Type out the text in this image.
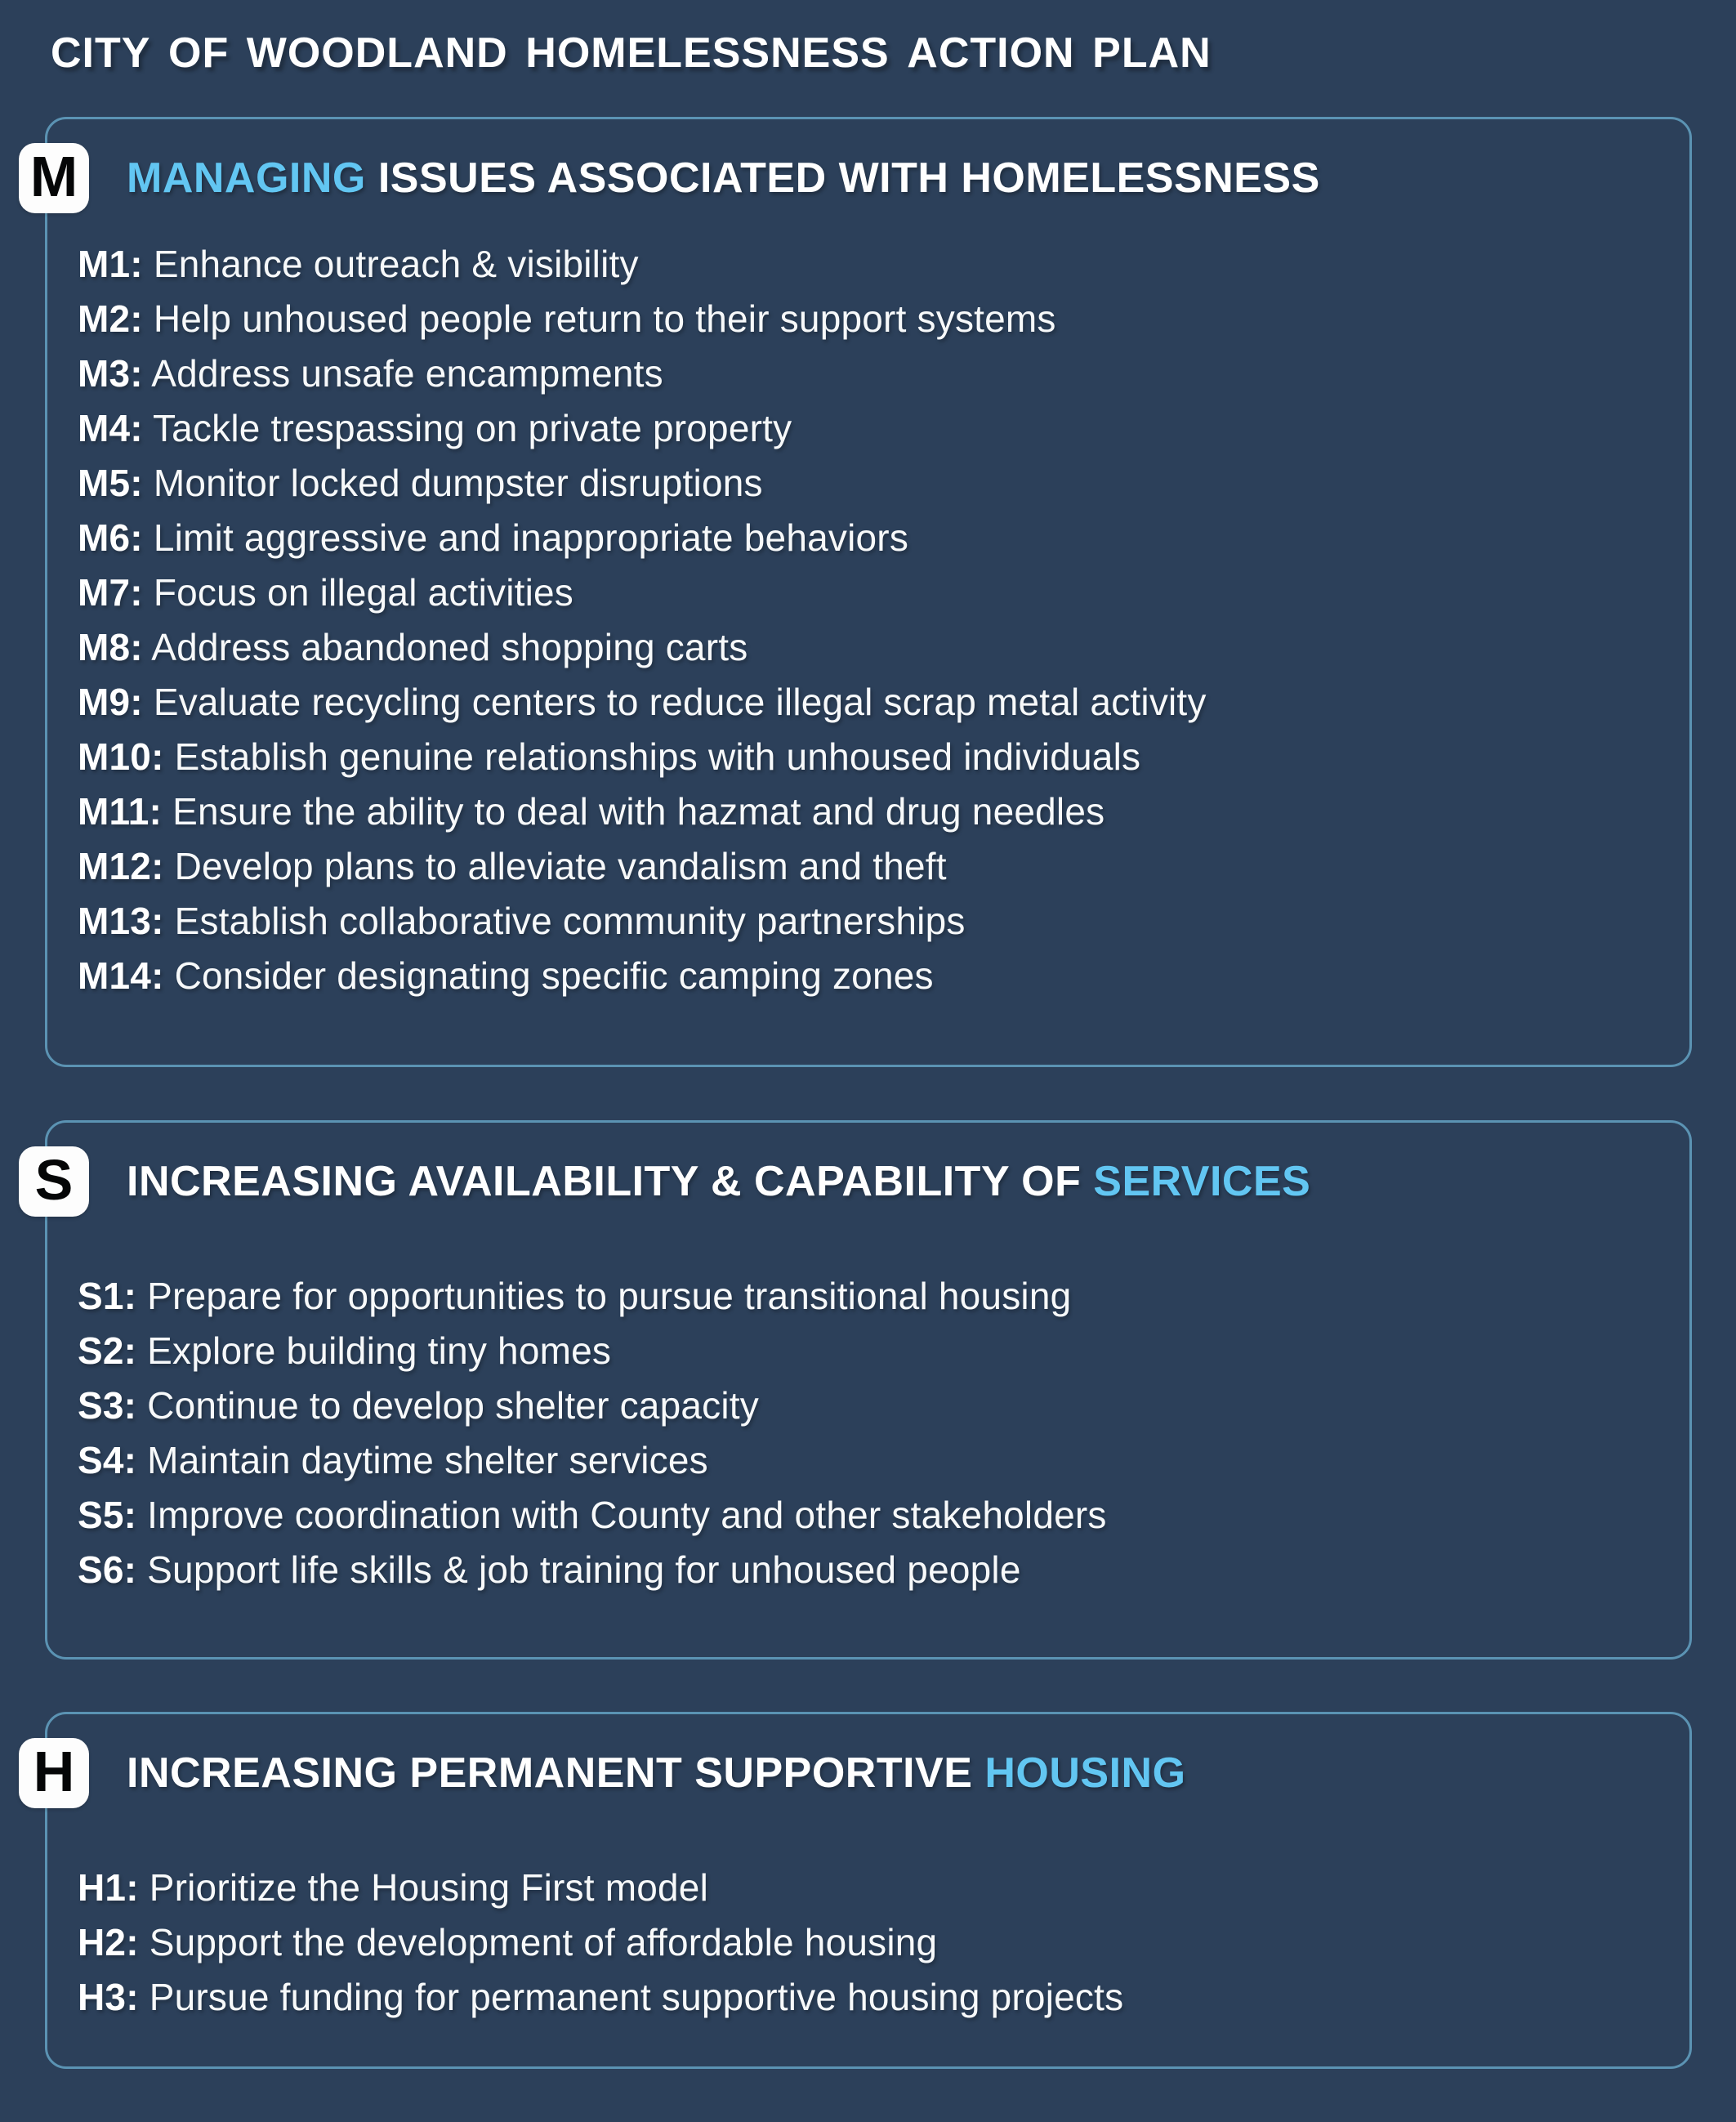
city of woodland homelessness action plan
M MANAGING ISSUES ASSOCIATED WITH HOMELESSNESS
M1: Enhance outreach & visibility
M2: Help unhoused people return to their support systems
M3: Address unsafe encampments
M4: Tackle trespassing on private property
M5: Monitor locked dumpster disruptions
M6: Limit aggressive and inappropriate behaviors
M7: Focus on illegal activities
M8: Address abandoned shopping carts
M9: Evaluate recycling centers to reduce illegal scrap metal activity
M10: Establish genuine relationships with unhoused individuals
M11: Ensure the ability to deal with hazmat and drug needles
M12: Develop plans to alleviate vandalism and theft
M13: Establish collaborative community partnerships
M14: Consider designating specific camping zones
S INCREASING AVAILABILITY & CAPABILITY OF SERVICES
S1: Prepare for opportunities to pursue transitional housing
S2: Explore building tiny homes
S3: Continue to develop shelter capacity
S4: Maintain daytime shelter services
S5: Improve coordination with County and other stakeholders
S6: Support life skills & job training for unhoused people
H INCREASING PERMANENT SUPPORTIVE HOUSING
H1: Prioritize the Housing First model
H2: Support the development of affordable housing
H3: Pursue funding for permanent supportive housing projects
